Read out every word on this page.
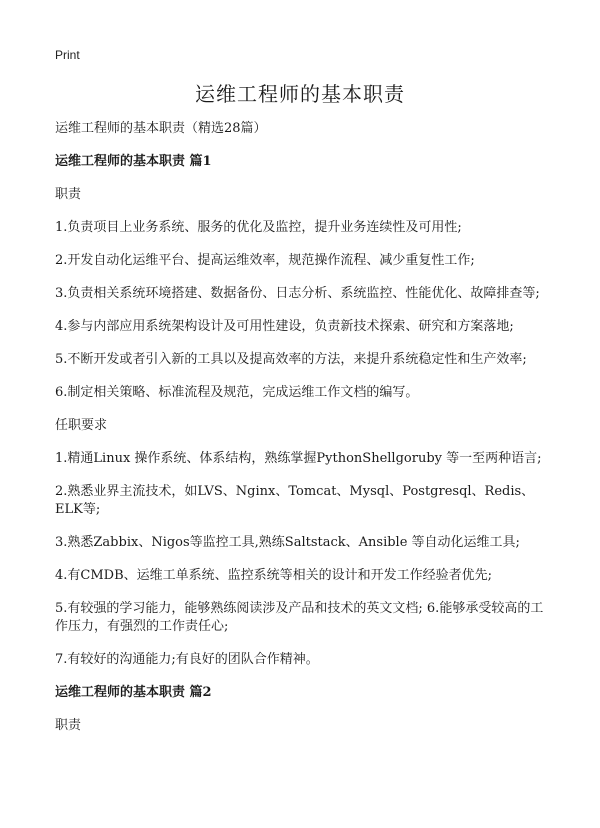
Print
运维工程师的基本职责

运维工程师的基本职责（精选28篇）

运维工程师的基本职责 篇1

职责

1.负责项目上业务系统、服务的优化及监控，提升业务连续性及可用性;

2.开发自动化运维平台、提高运维效率，规范操作流程、减少重复性工作;

3.负责相关系统环境搭建、数据备份、日志分析、系统监控、性能优化、故障排查等;

4.参与内部应用系统架构设计及可用性建设，负责新技术探索、研究和方案落地;

5.不断开发或者引入新的工具以及提高效率的方法，来提升系统稳定性和生产效率;

6.制定相关策略、标准流程及规范，完成运维工作文档的编写。

任职要求

1.精通Linux 操作系统、体系结构，熟练掌握PythonShellgoruby 等一至两种语言;

2.熟悉业界主流技术，如LVS、Nginx、Tomcat、Mysql、Postgresql、Redis、ELK等;

3.熟悉Zabbix、Nigos等监控工具,熟练Saltstack、Ansible 等自动化运维工具;

4.有CMDB、运维工单系统、监控系统等相关的设计和开发工作经验者优先;

5.有较强的学习能力，能够熟练阅读涉及产品和技术的英文文档; 6.能够承受较高的工作压力，有强烈的工作责任心;

7.有较好的沟通能力;有良好的团队合作精神。

运维工程师的基本职责 篇2

职责
